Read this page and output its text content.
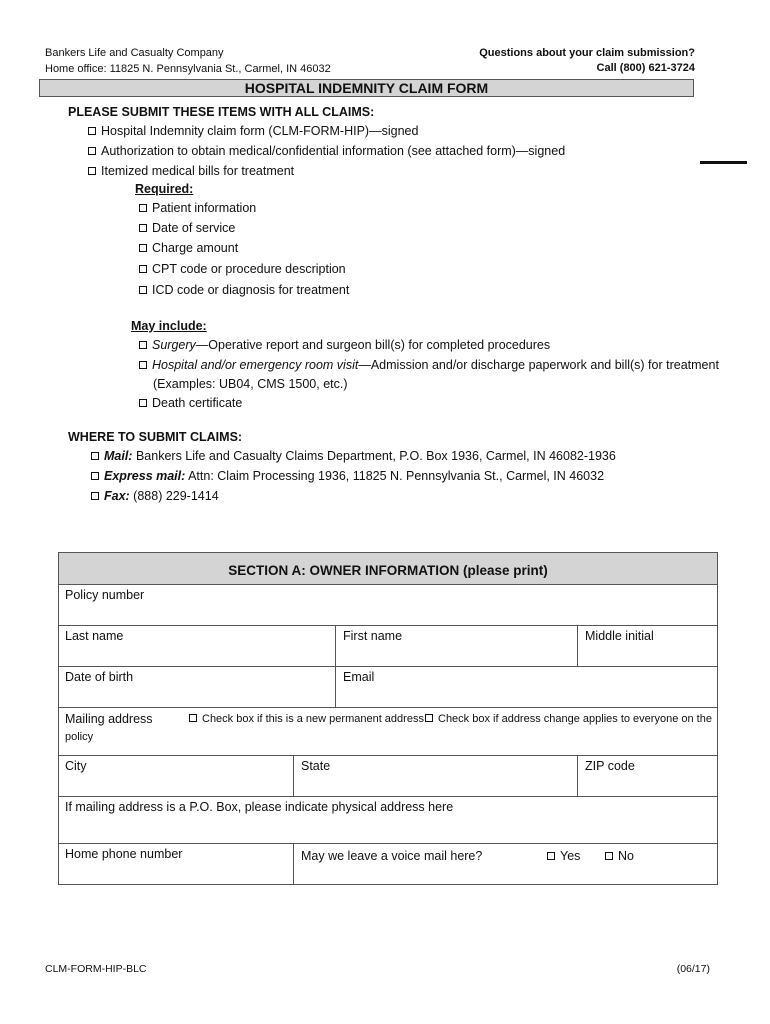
Bankers Life and Casualty Company
Home office: 11825 N. Pennsylvania St., Carmel, IN 46032
Questions about your claim submission?
Call (800) 621-3724
HOSPITAL INDEMNITY CLAIM FORM
PLEASE SUBMIT THESE ITEMS WITH ALL CLAIMS:
Hospital Indemnity claim form (CLM-FORM-HIP)—signed
Authorization to obtain medical/confidential information (see attached form)—signed
Itemized medical bills for treatment
Required:
Patient information
Date of service
Charge amount
CPT code or procedure description
ICD code or diagnosis for treatment
May include:
Surgery—Operative report and surgeon bill(s) for completed procedures
Hospital and/or emergency room visit—Admission and/or discharge paperwork and bill(s) for treatment
(Examples: UB04, CMS 1500, etc.)
Death certificate
WHERE TO SUBMIT CLAIMS:
Mail: Bankers Life and Casualty Claims Department, P.O. Box 1936, Carmel, IN 46082-1936
Express mail: Attn: Claim Processing 1936, 11825 N. Pennsylvania St., Carmel, IN 46032
Fax: (888) 229-1414
SECTION A: OWNER INFORMATION (please print)
Policy number
Last name	First name	Middle initial
Date of birth	Email
Mailing address	Check box if this is a new permanent address	Check box if address change applies to everyone on the
policy
City	State	ZIP code
If mailing address is a P.O. Box, please indicate physical address here
Home phone number	May we leave a voice mail here?	Yes	No
CLM-FORM-HIP-BLC	(06/17)
